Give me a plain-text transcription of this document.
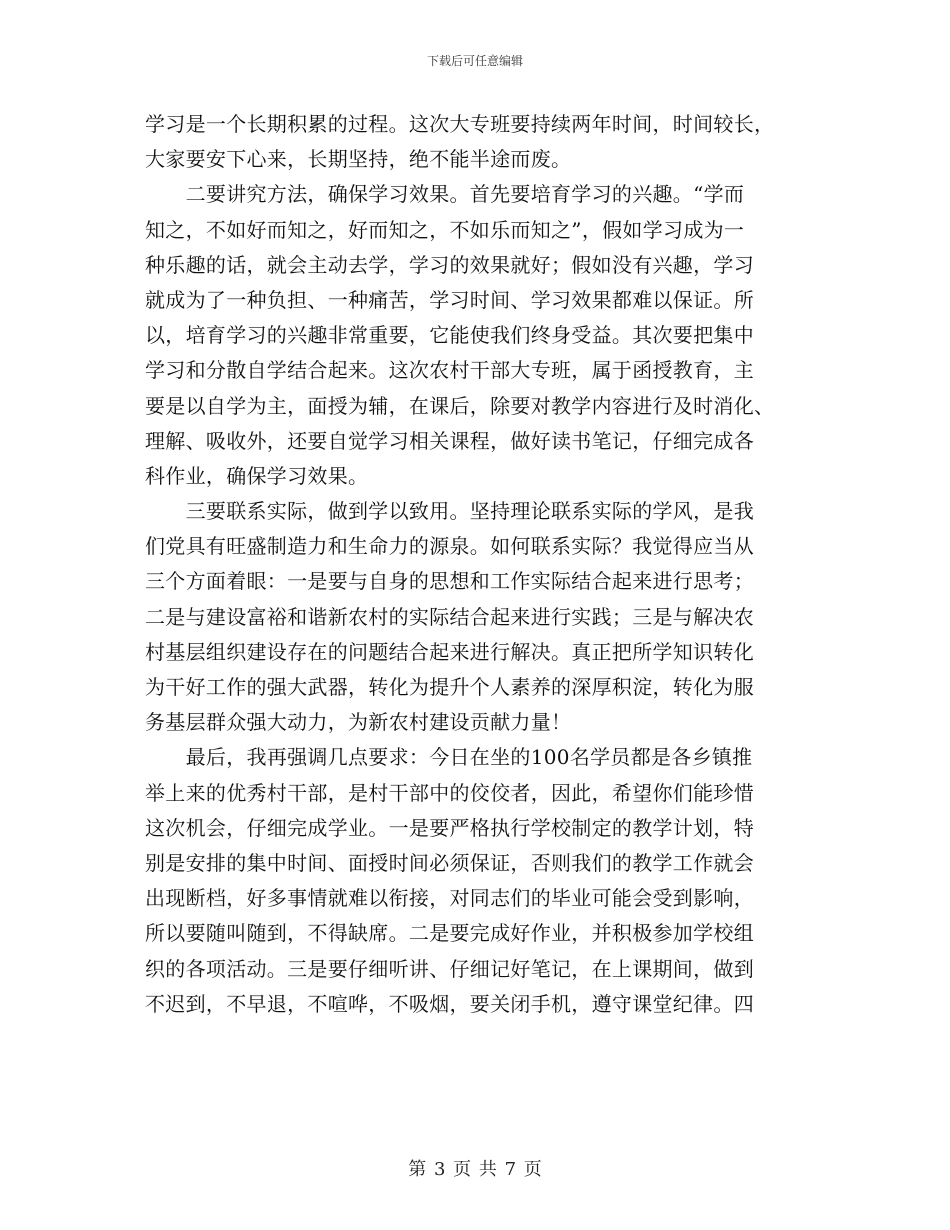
下载后可任意编辑
学习是一个长期积累的过程。这次大专班要持续两年时间，时间较长，
大家要安下心来，长期坚持，绝不能半途而废。
　　二要讲究方法，确保学习效果。首先要培育学习的兴趣。“学而
知之，不如好而知之，好而知之，不如乐而知之”，假如学习成为一
种乐趣的话，就会主动去学，学习的效果就好；假如没有兴趣，学习
就成为了一种负担、一种痛苦，学习时间、学习效果都难以保证。所
以，培育学习的兴趣非常重要，它能使我们终身受益。其次要把集中
学习和分散自学结合起来。这次农村干部大专班，属于函授教育，主
要是以自学为主，面授为辅，在课后，除要对教学内容进行及时消化、
理解、吸收外，还要自觉学习相关课程，做好读书笔记，仔细完成各
科作业，确保学习效果。
　　三要联系实际，做到学以致用。坚持理论联系实际的学风，是我
们党具有旺盛制造力和生命力的源泉。如何联系实际？我觉得应当从
三个方面着眼：一是要与自身的思想和工作实际结合起来进行思考；
二是与建设富裕和谐新农村的实际结合起来进行实践；三是与解决农
村基层组织建设存在的问题结合起来进行解决。真正把所学知识转化
为干好工作的强大武器，转化为提升个人素养的深厚积淀，转化为服
务基层群众强大动力，为新农村建设贡献力量！
　　最后，我再强调几点要求：今日在坐的100名学员都是各乡镇推
举上来的优秀村干部，是村干部中的佼佼者，因此，希望你们能珍惜
这次机会，仔细完成学业。一是要严格执行学校制定的教学计划，特
别是安排的集中时间、面授时间必须保证，否则我们的教学工作就会
出现断档，好多事情就难以衔接，对同志们的毕业可能会受到影响，
所以要随叫随到，不得缺席。二是要完成好作业，并积极参加学校组
织的各项活动。三是要仔细听讲、仔细记好笔记，在上课期间，做到
不迟到，不早退，不喧哗，不吸烟，要关闭手机，遵守课堂纪律。四
第 3 页 共 7 页
